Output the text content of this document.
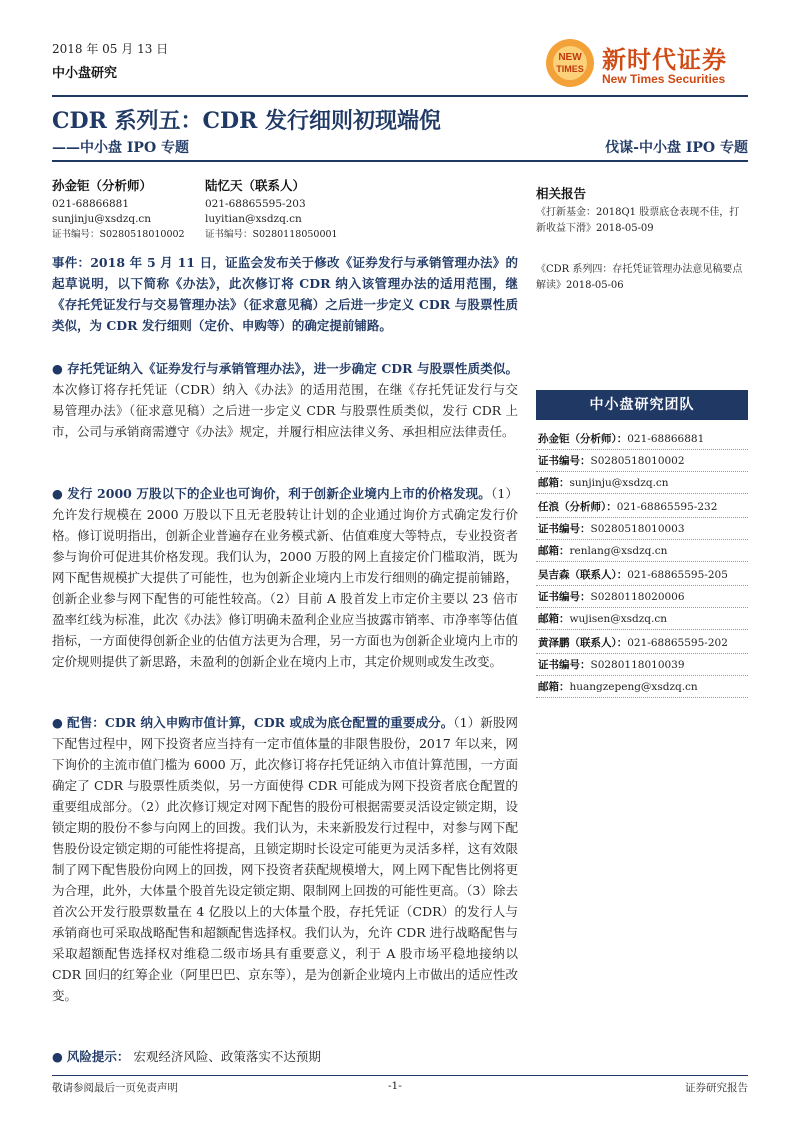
2018 年 05 月 13 日
中小盘研究
NEW
TIMES 新时代证券
New Times Securities
CDR 系列五：CDR 发行细则初现端倪
——中小盘 IPO 专题	伐谋-中小盘 IPO 专题
孙金钜（分析师）
021-68866881
sunjinju@xsdzq.cn
证书编号：S0280518010002
陆忆天（联系人）
021-68865595-203
luyitian@xsdzq.cn
证书编号：S0280118050001
事件：2018 年 5 月 11 日，证监会发布关于修改《证券发行与承销管理办法》的起草说明，以下简称《办法》，此次修订将 CDR 纳入该管理办法的适用范围，继《存托凭证发行与交易管理办法》（征求意见稿）之后进一步定义 CDR 与股票性质类似，为 CDR 发行细则（定价、申购等）的确定提前铺路。
● 存托凭证纳入《证券发行与承销管理办法》，进一步确定 CDR 与股票性质类似。本次修订将存托凭证（CDR）纳入《办法》的适用范围，在继《存托凭证发行与交易管理办法》（征求意见稿）之后进一步定义 CDR 与股票性质类似，发行 CDR 上市，公司与承销商需遵守《办法》规定，并履行相应法律义务、承担相应法律责任。
● 发行 2000 万股以下的企业也可询价，利于创新企业境内上市的价格发现。（1）允许发行规模在 2000 万股以下且无老股转让计划的企业通过询价方式确定发行价格。修订说明指出，创新企业普遍存在业务模式新、估值难度大等特点，专业投资者参与询价可促进其价格发现。我们认为，2000 万股的网上直接定价门槛取消，既为网下配售规模扩大提供了可能性，也为创新企业境内上市发行细则的确定提前铺路，创新企业参与网下配售的可能性较高。（2）目前 A 股首发上市定价主要以 23 倍市盈率红线为标准，此次《办法》修订明确未盈利企业应当披露市销率、市净率等估值指标，一方面使得创新企业的估值方法更为合理，另一方面也为创新企业境内上市的定价规则提供了新思路，未盈利的创新企业在境内上市，其定价规则或发生改变。
● 配售：CDR 纳入申购市值计算，CDR 或成为底仓配置的重要成分。（1）新股网下配售过程中，网下投资者应当持有一定市值体量的非限售股份，2017 年以来，网下询价的主流市值门槛为 6000 万，此次修订将存托凭证纳入市值计算范围，一方面确定了 CDR 与股票性质类似，另一方面使得 CDR 可能成为网下投资者底仓配置的重要组成部分。（2）此次修订规定对网下配售的股份可根据需要灵活设定锁定期，设锁定期的股份不参与向网上的回拨。我们认为，未来新股发行过程中，对参与网下配售股份设定锁定期的可能性将提高，且锁定期时长设定可能更为灵活多样，这有效限制了网下配售股份向网上的回拨，网下投资者获配规模增大，网上网下配售比例将更为合理，此外，大体量个股首先设定锁定期、限制网上回拨的可能性更高。（3）除去首次公开发行股票数量在 4 亿股以上的大体量个股，存托凭证（CDR）的发行人与承销商也可采取战略配售和超额配售选择权。我们认为，允许 CDR 进行战略配售与采取超额配售选择权对维稳二级市场具有重要意义，利于 A 股市场平稳地接纳以 CDR 回归的红筹企业（阿里巴巴、京东等），是为创新企业境内上市做出的适应性改变。
● 风险提示： 宏观经济风险、政策落实不达预期
相关报告
《打新基金：2018Q1 股票底仓表现不佳，打新收益下滑》2018-05-09
《CDR 系列四：存托凭证管理办法意见稿要点解读》2018-05-06
中小盘研究团队
孙金钜（分析师）：021-68866881
证书编号：S0280518010002
邮箱：sunjinju@xsdzq.cn
任浪（分析师）：021-68865595-232
证书编号：S0280518010003
邮箱：renlang@xsdzq.cn
吴吉森（联系人）：021-68865595-205
证书编号：S0280118020006
邮箱：wujisen@xsdzq.cn
黄泽鹏（联系人）：021-68865595-202
证书编号：S0280118010039
邮箱：huangzepeng@xsdzq.cn
敬请参阅最后一页免责声明	-1-	证券研究报告
